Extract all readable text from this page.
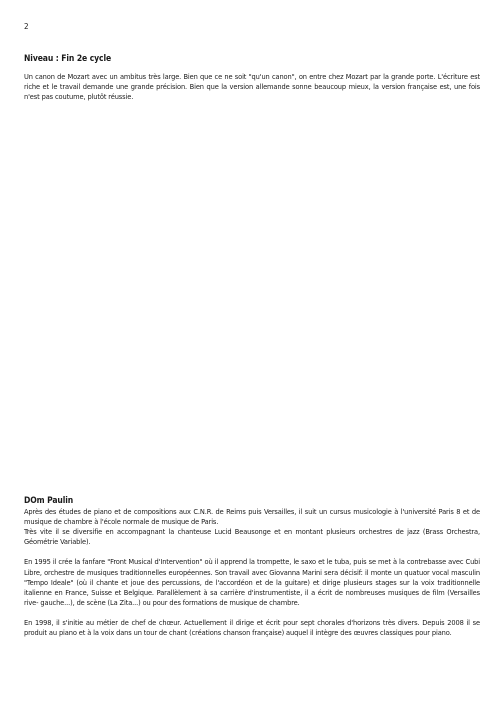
2
Niveau : Fin 2e cycle

Un canon de Mozart avec un ambitus très large. Bien que ce ne soit "qu'un canon", on entre chez Mozart par la grande porte. L'écriture est riche et le travail demande une grande précision. Bien que la version allemande sonne beaucoup mieux, la version française est, une fois n'est pas coutume, plutôt réussie.

DOm Paulin

Après des études de piano et de compositions aux C.N.R. de Reims puis Versailles, il suit un cursus musicologie à l'université Paris 8 et de musique de chambre à l'école normale de musique de Paris.

Très vite il se diversifie en accompagnant la chanteuse Lucid Beausonge et en montant plusieurs orchestres de jazz (Brass Orchestra, Géométrie Variable).

En 1995 il crée la fanfare "Front Musical d'Intervention" où il apprend la trompette, le saxo et le tuba, puis se met à la contrebasse avec Cubi Libre, orchestre de musiques traditionnelles européennes. Son travail avec Giovanna Marini sera décisif: il monte un quatuor vocal masculin "Tempo Ideale" (où il chante et joue des percussions, de l'accordéon et de la guitare) et dirige plusieurs stages sur la voix traditionnelle italienne en France, Suisse et Belgique. Parallèlement à sa carrière d'instrumentiste, il a écrit de nombreuses musiques de film (Versailles rive- gauche...), de scène (La Zita...) ou pour des formations de musique de chambre.

En 1998, il s'initie au métier de chef de chœur. Actuellement il dirige et écrit pour sept chorales d'horizons très divers. Depuis 2008 il se produit au piano et à la voix dans un tour de chant (créations chanson française) auquel il intègre des œuvres classiques pour piano.
